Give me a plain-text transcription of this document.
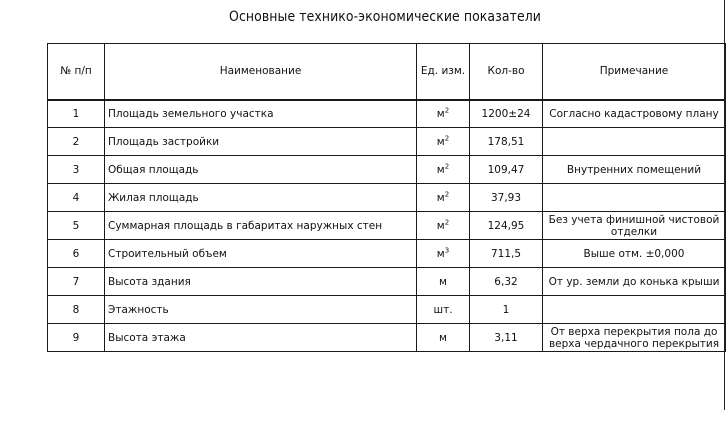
Основные технико-экономические показатели
№ п/п	Наименование	Ед. изм.	Кол-во	Примечание
1	Площадь земельного участка	$м^2$	1200±24	Согласно кадастровому плану
2	Площадь застройки	$м^2$	178,51	
3	Общая площадь	$м^2$	109,47	Внутренних помещений
4	Жилая площадь	$м^2$	37,93	
5	Суммарная площадь в габаритах наружных стен	$м^2$	124,95	Без учета финишной чистовой отделки
6	Строительный объем	$м^3$	711,5	Выше отм. ±0,000
7	Высота здания	м	6,32	От ур. земли до конька крыши
8	Этажность	шт.	1	
9	Высота этажа	м	3,11	От верха перекрытия пола до верха чердачного перекрытия
